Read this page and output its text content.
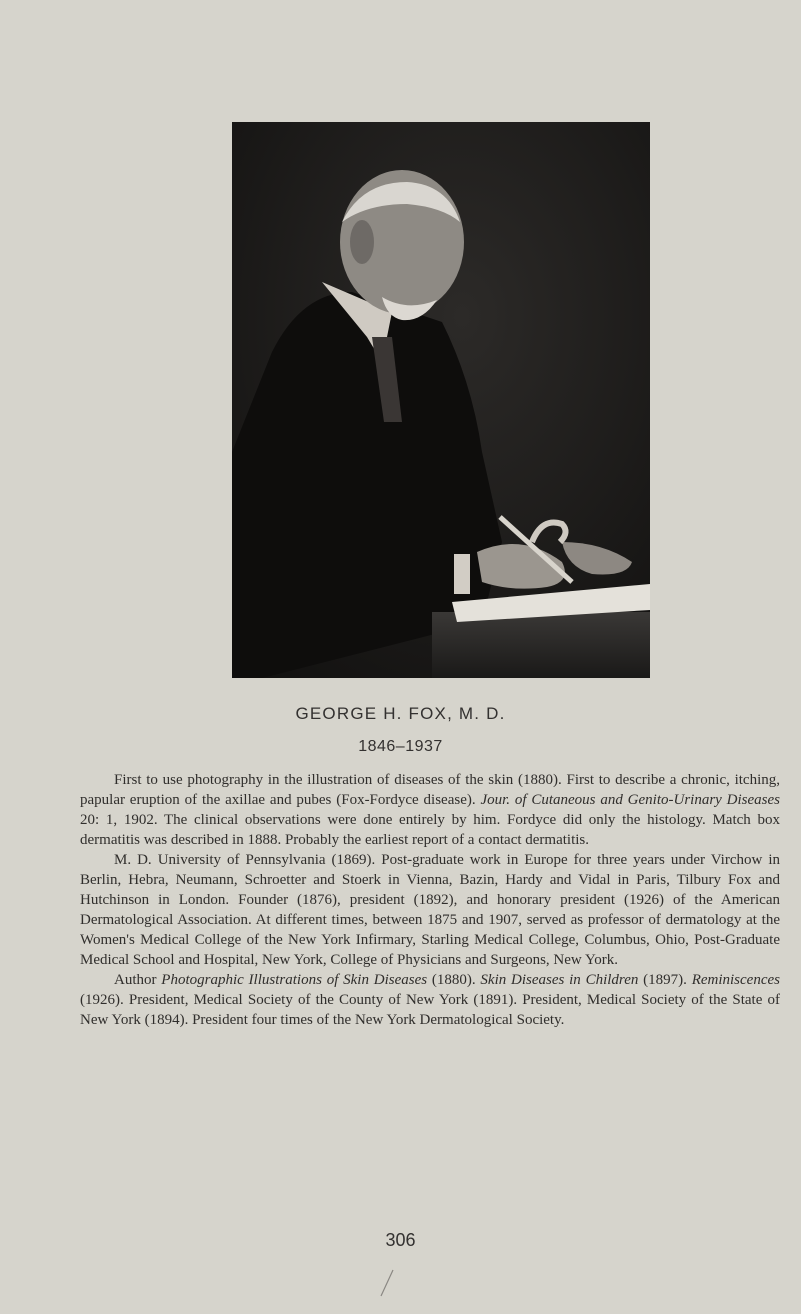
GEORGE H. FOX, M. D.
1846–1937

First to use photography in the illustration of diseases of the skin (1880). First to describe a chronic, itching, papular eruption of the axillae and pubes (Fox-Fordyce disease). Jour. of Cutaneous and Genito-Urinary Diseases 20: 1, 1902. The clinical observations were done entirely by him. Fordyce did only the histology. Match box dermatitis was described in 1888. Probably the earliest report of a contact dermatitis.

M. D. University of Pennsylvania (1869). Post-graduate work in Europe for three years under Virchow in Berlin, Hebra, Neumann, Schroetter and Stoerk in Vienna, Bazin, Hardy and Vidal in Paris, Tilbury Fox and Hutchinson in London. Founder (1876), president (1892), and honorary president (1926) of the American Dermatological Association. At different times, between 1875 and 1907, served as professor of dermatology at the Women's Medical College of the New York Infirmary, Starling Medical College, Columbus, Ohio, Post-Graduate Medical School and Hospital, New York, College of Physicians and Surgeons, New York.

Author Photographic Illustrations of Skin Diseases (1880). Skin Diseases in Children (1897). Reminiscences (1926). President, Medical Society of the County of New York (1891). President, Medical Society of the State of New York (1894). President four times of the New York Dermatological Society.

306
